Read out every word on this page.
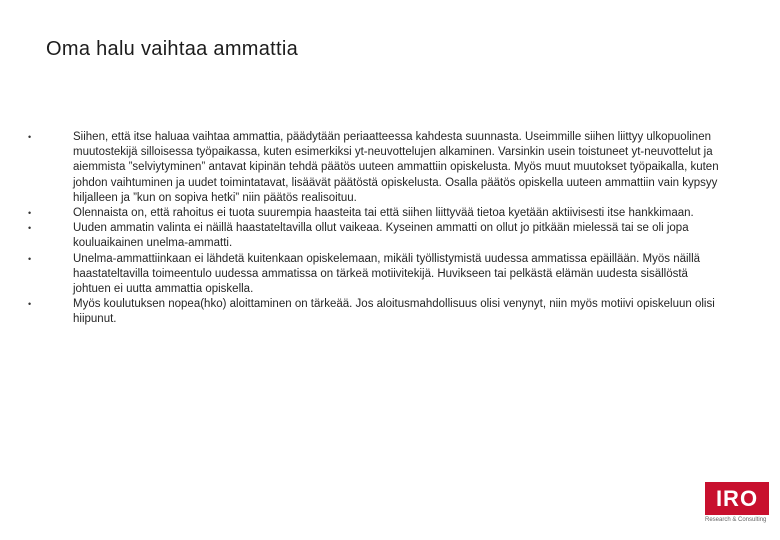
Oma halu vaihtaa ammattia
•	Siihen, että itse haluaa vaihtaa ammattia, päädytään periaatteessa kahdesta suunnasta. Useimmille siihen liittyy ulkopuolinen muutostekijä silloisessa työpaikassa, kuten esimerkiksi yt-neuvottelujen alkaminen. Varsinkin usein toistuneet yt-neuvottelut ja aiemmista ”selviytyminen” antavat kipinän tehdä päätös uuteen ammattiin opiskelusta. Myös muut muutokset työpaikalla, kuten johdon vaihtuminen ja uudet toimintatavat, lisäävät päätöstä opiskelusta. Osalla päätös opiskella uuteen ammattiin vain kypsyy hiljalleen ja ”kun on sopiva hetki” niin päätös realisoituu.
•	Olennaista on, että rahoitus ei tuota suurempia haasteita tai että siihen liittyvää tietoa kyetään aktiivisesti itse hankkimaan.
•	Uuden ammatin valinta ei näillä haastateltavilla ollut vaikeaa. Kyseinen ammatti on ollut jo pitkään mielessä tai se oli jopa kouluaikainen unelma-ammatti.
•	Unelma-ammattiinkaan ei lähdetä kuitenkaan opiskelemaan, mikäli työllistymistä uudessa ammatissa epäillään. Myös näillä haastateltavilla toimeentulo uudessa ammatissa on tärkeä motiivitekijä. Huvikseen tai pelkästä elämän uudesta sisällöstä johtuen ei uutta ammattia opiskella.
•	Myös koulutuksen nopea(hko) aloittaminen on tärkeää. Jos aloitusmahdollisuus olisi venynyt, niin myös motiivi opiskeluun olisi hiipunut.
IRO
Research & Consulting
